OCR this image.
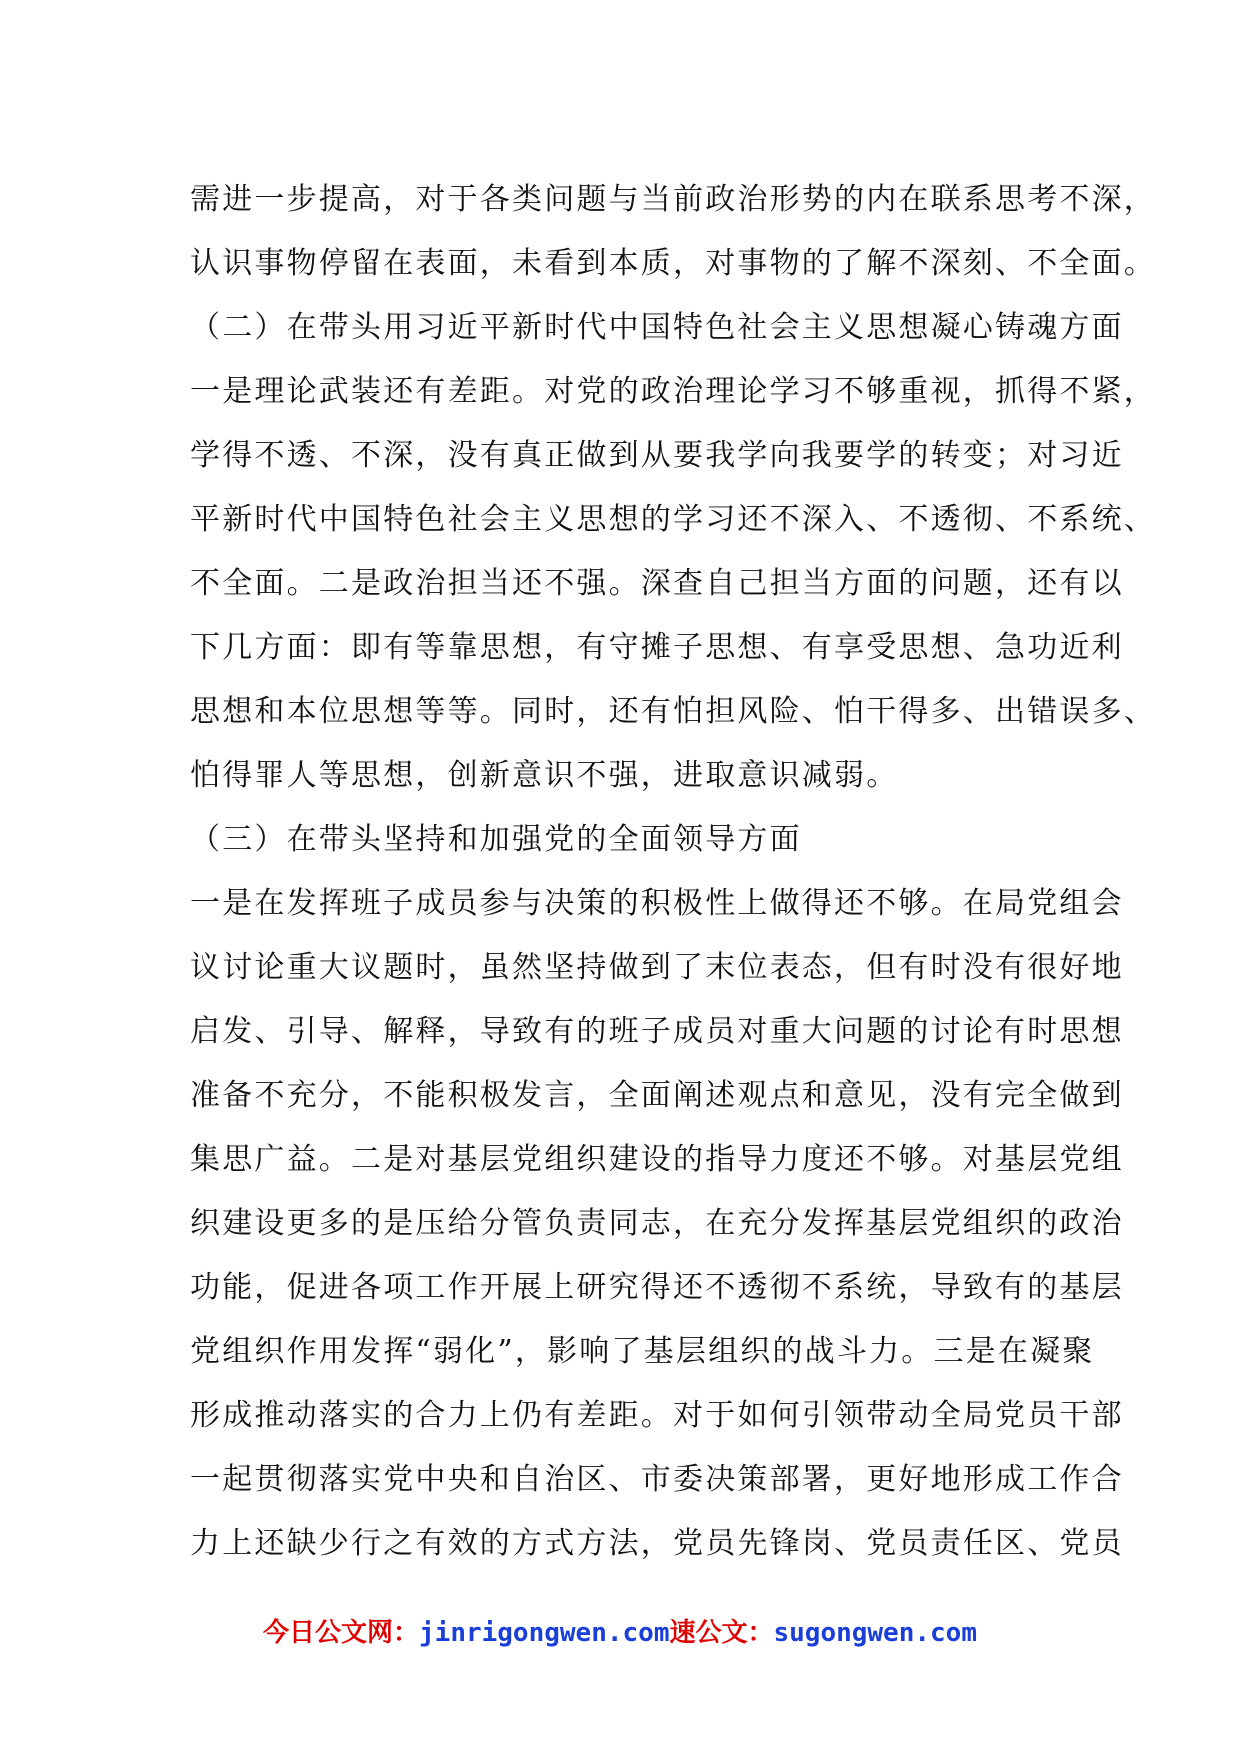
需进一步提高，对于各类问题与当前政治形势的内在联系思考不深，
认识事物停留在表面，未看到本质，对事物的了解不深刻、不全面。
（二）在带头用习近平新时代中国特色社会主义思想凝心铸魂方面
一是理论武装还有差距。对党的政治理论学习不够重视，抓得不紧，
学得不透、不深，没有真正做到从要我学向我要学的转变；对习近
平新时代中国特色社会主义思想的学习还不深入、不透彻、不系统、
不全面。二是政治担当还不强。深查自己担当方面的问题，还有以
下几方面：即有等靠思想，有守摊子思想、有享受思想、急功近利
思想和本位思想等等。同时，还有怕担风险、怕干得多、出错误多、
怕得罪人等思想，创新意识不强，进取意识减弱。
（三）在带头坚持和加强党的全面领导方面
一是在发挥班子成员参与决策的积极性上做得还不够。在局党组会
议讨论重大议题时，虽然坚持做到了末位表态，但有时没有很好地
启发、引导、解释，导致有的班子成员对重大问题的讨论有时思想
准备不充分，不能积极发言，全面阐述观点和意见，没有完全做到
集思广益。二是对基层党组织建设的指导力度还不够。对基层党组
织建设更多的是压给分管负责同志，在充分发挥基层党组织的政治
功能，促进各项工作开展上研究得还不透彻不系统，导致有的基层
党组织作用发挥“弱化”，影响了基层组织的战斗力。三是在凝聚
形成推动落实的合力上仍有差距。对于如何引领带动全局党员干部
一起贯彻落实党中央和自治区、市委决策部署，更好地形成工作合
力上还缺少行之有效的方式方法，党员先锋岗、党员责任区、党员
今日公文网：jinrigongwen.com速公文：sugongwen.com
